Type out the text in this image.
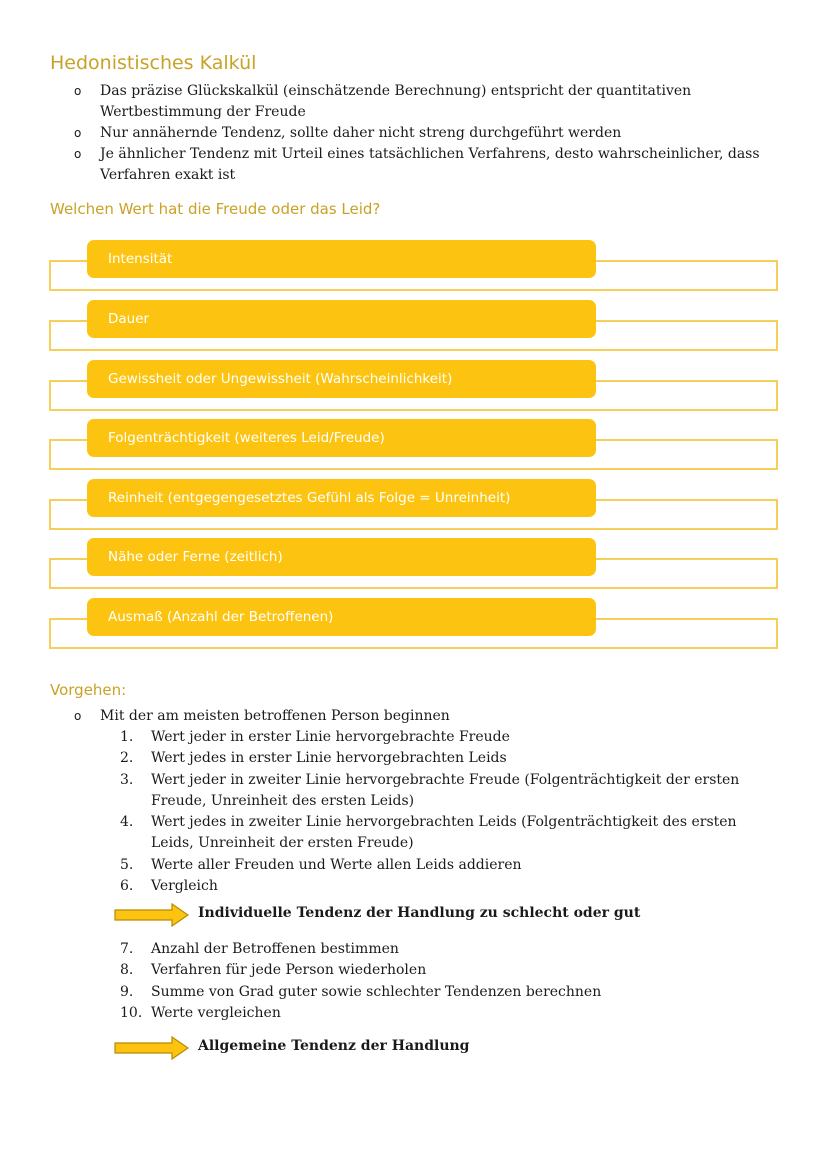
Hedonistisches Kalkül
o Das präzise Glückskalkül (einschätzende Berechnung) entspricht der quantitativen Wertbestimmung der Freude
o Nur annähernde Tendenz, sollte daher nicht streng durchgeführt werden
o Je ähnlicher Tendenz mit Urteil eines tatsächlichen Verfahrens, desto wahrscheinlicher, dass Verfahren exakt ist
Welchen Wert hat die Freude oder das Leid?
Intensität
Dauer
Gewissheit oder Ungewissheit (Wahrscheinlichkeit)
Folgenträchtigkeit (weiteres Leid/Freude)
Reinheit (entgegengesetztes Gefühl als Folge = Unreinheit)
Nähe oder Ferne (zeitlich)
Ausmaß (Anzahl der Betroffenen)
Vorgehen:
o Mit der am meisten betroffenen Person beginnen
1.	Wert jeder in erster Linie hervorgebrachte Freude
2.	Wert jedes in erster Linie hervorgebrachten Leids
3.	Wert jeder in zweiter Linie hervorgebrachte Freude (Folgenträchtigkeit der ersten Freude, Unreinheit des ersten Leids)
4.	Wert jedes in zweiter Linie hervorgebrachten Leids (Folgenträchtigkeit des ersten Leids, Unreinheit der ersten Freude)
5.	Werte aller Freuden und Werte allen Leids addieren
6.	Vergleich
Individuelle Tendenz der Handlung zu schlecht oder gut
7.	Anzahl der Betroffenen bestimmen
8.	Verfahren für jede Person wiederholen
9.	Summe von Grad guter sowie schlechter Tendenzen berechnen
10. Werte vergleichen
Allgemeine Tendenz der Handlung
